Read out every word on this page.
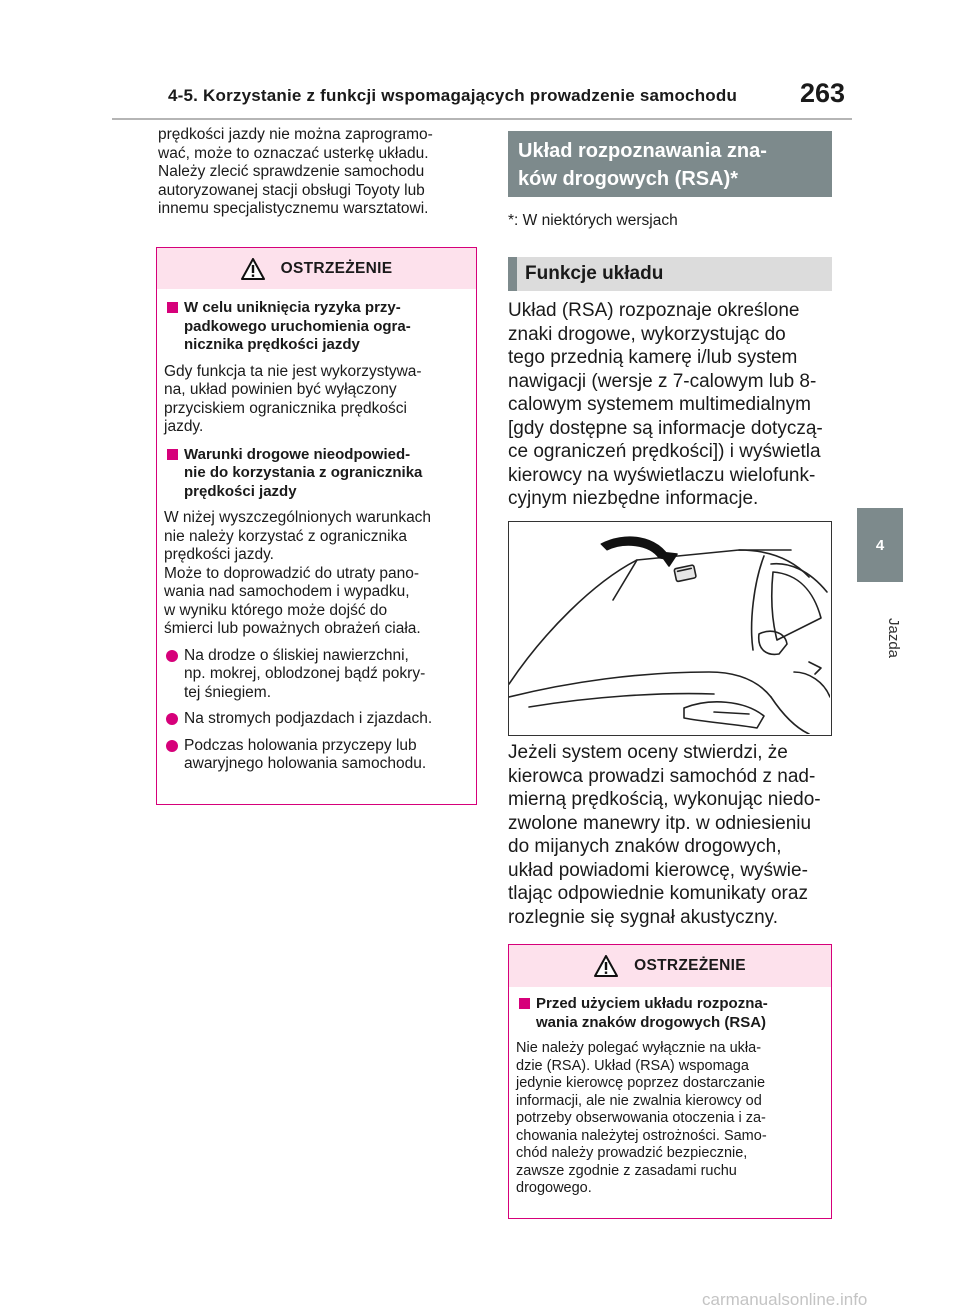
4-5. Korzystanie z funkcji wspomagających prowadzenie samochodu 263
4
Jazda
prędkości jazdy nie można zaprogramo-
wać, może to oznaczać usterkę układu.
Należy zlecić sprawdzenie samochodu
autoryzowanej stacji obsługi Toyoty lub
innemu specjalistycznemu warsztatowi.
OSTRZEŻENIE
W celu uniknięcia ryzyka przy-
padkowego uruchomienia ogra-
nicznika prędkości jazdy
Gdy funkcja ta nie jest wykorzystywa-
na, układ powinien być wyłączony
przyciskiem ogranicznika prędkości
jazdy.
Warunki drogowe nieodpowied-
nie do korzystania z ogranicznika
prędkości jazdy
W niżej wyszczególnionych warunkach
nie należy korzystać z ogranicznika
prędkości jazdy.
Może to doprowadzić do utraty pano-
wania nad samochodem i wypadku,
w wyniku którego może dojść do
śmierci lub poważnych obrażeń ciała.
Na drodze o śliskiej nawierzchni,
np. mokrej, oblodzonej bądź pokry-
tej śniegiem.
Na stromych podjazdach i zjazdach.
Podczas holowania przyczepy lub
awaryjnego holowania samochodu.
Układ rozpoznawania zna-
ków drogowych (RSA)*
*: W niektórych wersjach
Funkcje układu
Układ (RSA) rozpoznaje określone
znaki drogowe, wykorzystując do
tego przednią kamerę i/lub system
nawigacji (wersje z 7-calowym lub 8-
calowym systemem multimedialnym
[gdy dostępne są informacje dotyczą-
ce ograniczeń prędkości]) i wyświetla
kierowcy na wyświetlaczu wielofunk-
cyjnym niezbędne informacje.
Jeżeli system oceny stwierdzi, że
kierowca prowadzi samochód z nad-
mierną prędkością, wykonując niedo-
zwolone manewry itp. w odniesieniu
do mijanych znaków drogowych,
układ powiadomi kierowcę, wyświe-
tlając odpowiednie komunikaty oraz
rozlegnie się sygnał akustyczny.
OSTRZEŻENIE
Przed użyciem układu rozpozna-
wania znaków drogowych (RSA)
Nie należy polegać wyłącznie na ukła-
dzie (RSA). Układ (RSA) wspomaga
jedynie kierowcę poprzez dostarczanie
informacji, ale nie zwalnia kierowcy od
potrzeby obserwowania otoczenia i za-
chowania należytej ostrożności. Samo-
chód należy prowadzić bezpiecznie,
zawsze zgodnie z zasadami ruchu
drogowego.
carmanualsonline.info
